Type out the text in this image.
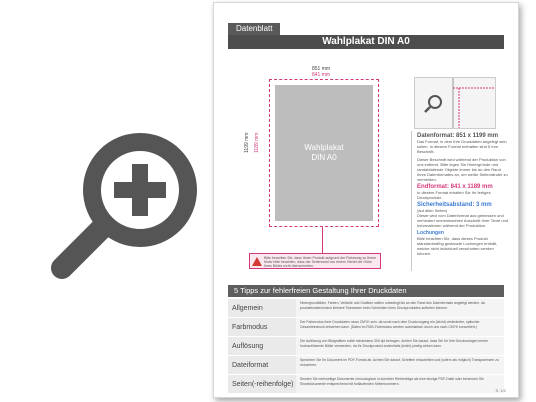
Datenblatt
Wahlplakat DIN A0
851 mm
841 mm
1199 mm 1189 mm	Wahlplakat
DIN A0
Bitte beachten Sie, dass Ihnen Produkt aufgrund der Rahmung zu Ihrem Motiv bitte beachten, dass der Seitenrand von einem Viertel der Höhe Ihres Bildes nicht überschreiten.
Datenformat: 851 x 1199 mm
Das Format, in dem Ihre Druckdaten angelegt sein sollen. In diesem Format enthalten sind 5 mm Beschnitt.
Dieser Beschnitt wird während der Produktion von uns entfernt. Bitte legen Sie Hintergründe und randabfallende Objekte immer bis an den Rand Ihres Datenformates an, um weiße Seitenränder zu vermeiden.
Endformat: 841 x 1189 mm
In diesem Format erhalten Sie Ihr fertiges Druckprodukt.
Sicherheitsabstand: 3 mm
(auf allen Seiten)
Dieser wird vom Datenformat aus gemessen und verhindert unerwünschten Anschnitt Ihrer Texte und Informationen während der Produktion.
Lochungen
Bitte beachten Sie, dass dieses Produkt standardmäßig gestanzte Lochungen enthält, welche nicht individuell verschoben werden können.
5 Tipps zur fehlerfreien Gestaltung Ihrer Druckdaten
Allgemein
Hintergrundbilder, Farben, Verläufe und Grafiken sollten unbedingt bis an den Rand des Datenformats angelegt werden, da produktionstechnisch kleinere Toleranzen beim Schneiden Ihres Druckproduktes auftreten können.
Farbmodus
Der Farbmodus Ihrer Druckdaten muss CMYK sein, da sonst nach dem Druckvorgang ein (leicht) veränderter, optischer Gesamteindruck entstehen kann. (Daten im RGB-Farbmodus werden automatisch durch uns nach CMYK konvertiert.)
Auflösung
Die Auflösung von Bildgrafiken sollte mindestens 300 dpi betragen. Achten Sie darauf, dass Sie für Ihre Druckvorlagen immer hochauflösende Bilder verwenden, da Ihr Druckprodukt andernfalls (leicht) pixelig wirken kann.
Dateiformat
Speichern Sie Ihr Dokument im PDF-Format ab. Achten Sie darauf, Schriften einzubetten und (sofern als möglich) Transparenzen zu reduzieren.
Seiten(-reihenfolge)
Senden Sie mehrseitige Dokumente chronologisch in korrekter Reihenfolge als eine einzige PDF-Datei oder benennen Sie Einzeldokumente entsprechend mit fortlaufenden Seitennummern.
S. 1/2
